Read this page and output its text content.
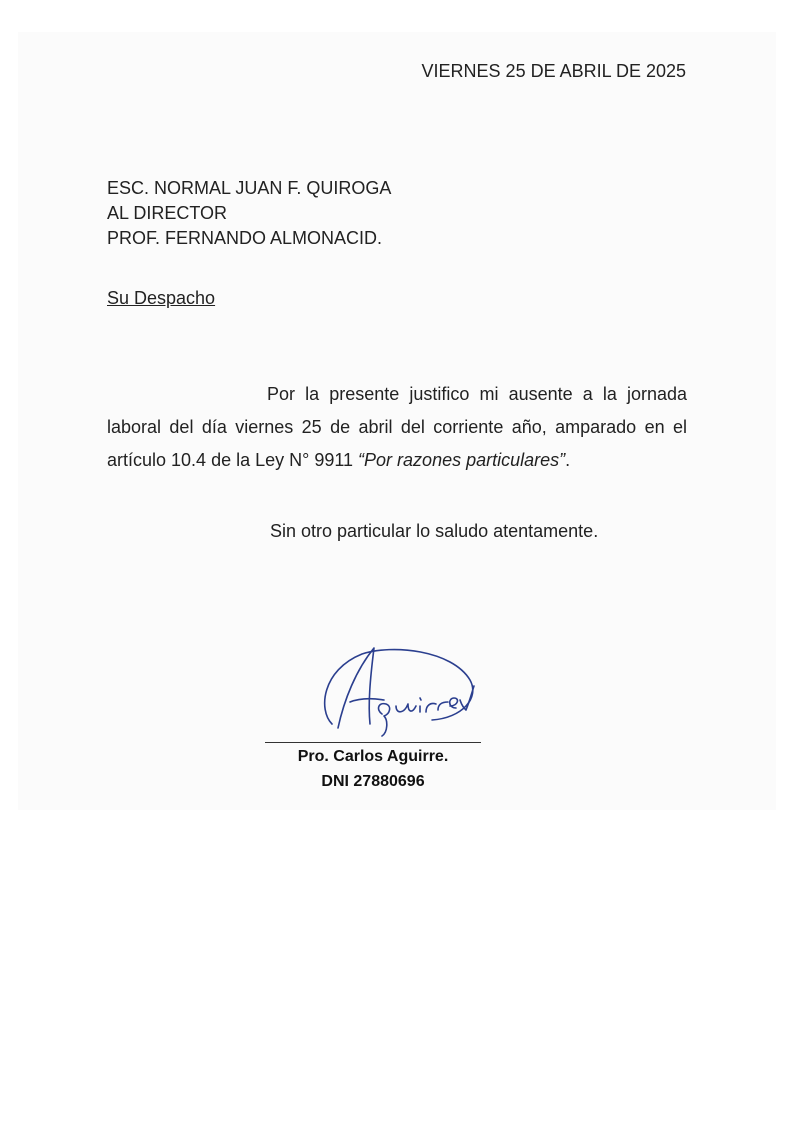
VIERNES 25 DE ABRIL DE 2025
ESC. NORMAL JUAN F. QUIROGA
AL DIRECTOR
PROF. FERNANDO ALMONACID.
Su Despacho
Por la presente justifico mi ausente a la jornada laboral del día viernes 25 de abril del corriente año, amparado en el artículo 10.4 de la Ley N° 9911 “Por razones particulares”.
Sin otro particular lo saludo atentamente.
Pro. Carlos Aguirre.
DNI 27880696
